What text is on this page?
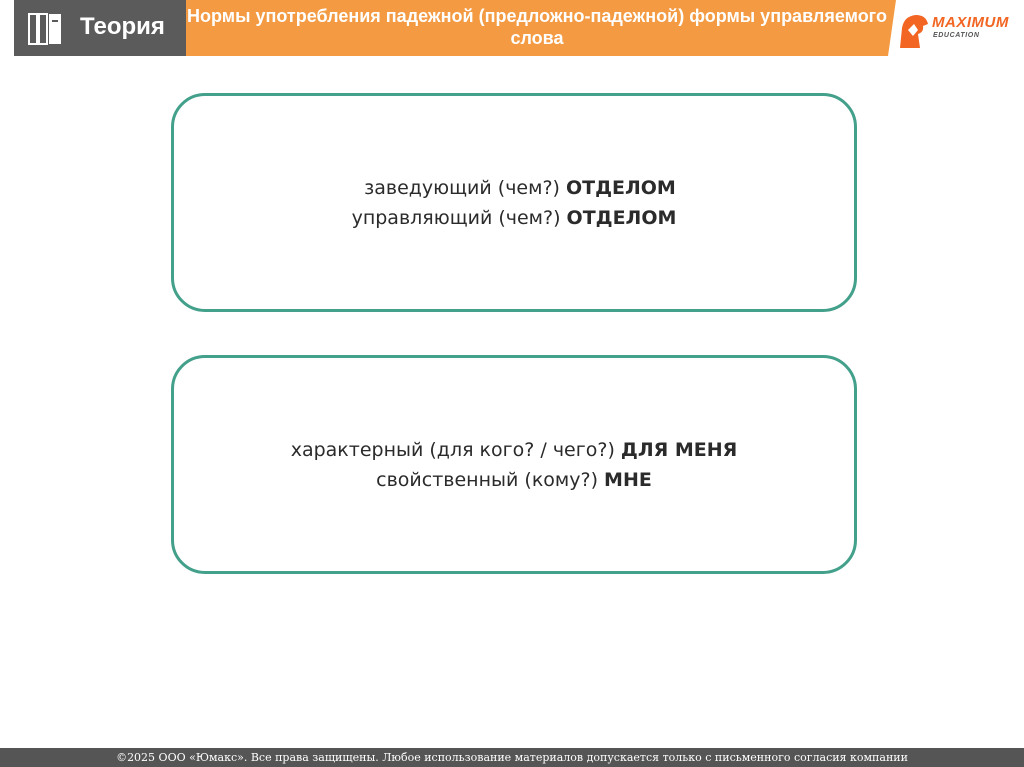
Теория Нормы употребления падежной (предложно-падежной) формы управляемого слова
MAXIMUM
EDUCATION
заведующий (чем?) ОТДЕЛОМ
управляющий (чем?) ОТДЕЛОМ
характерный (для кого? / чего?) ДЛЯ МЕНЯ
свойственный (кому?) МНЕ
©2025 ООО «Юмакс». Все права защищены. Любое использование материалов допускается только с письменного согласия компании
